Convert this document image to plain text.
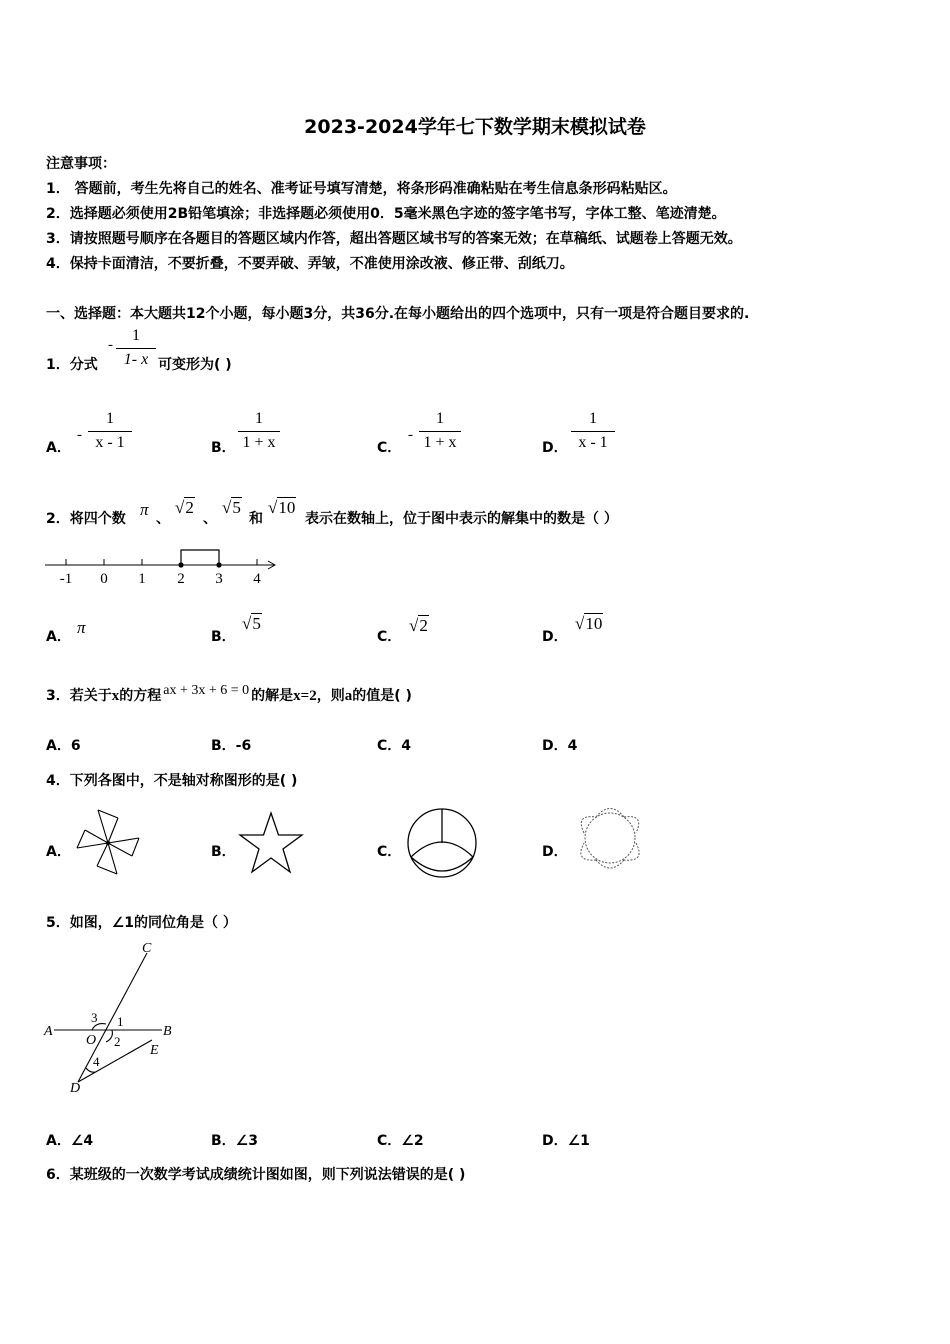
2023-2024学年七下数学期末模拟试卷
注意事项：
1． 答题前，考生先将自己的姓名、准考证号填写清楚，将条形码准确粘贴在考生信息条形码粘贴区。
2．选择题必须使用2B铅笔填涂；非选择题必须使用0．5毫米黑色字迹的签字笔书写，字体工整、笔迹清楚。
3．请按照题号顺序在各题目的答题区域内作答，超出答题区域书写的答案无效；在草稿纸、试题卷上答题无效。
4．保持卡面清洁，不要折叠，不要弄破、弄皱，不准使用涂改液、修正带、刮纸刀。
一、选择题：本大题共12个小题，每小题3分，共36分.在每小题给出的四个选项中，只有一项是符合题目要求的.
1．分式
-
1
1- x 可变形为( )
A．
-
1
x - 1	B．
1
1 + x	C．
-
1
1 + x	D．
1
x - 1
2．将四个数 π 、
√2
、
√5
和
√10
表示在数轴上，位于图中表示的解集中的数是（ ）
-1 0 1 2 3 4
A． π	B．
√5
C．
√2
D．
√10
3．若关于x的方程 ax + 3x + 6 = 0 的解是x=2，则a的值是( )
A．6	B．-6	C．4	D．4
4．下列各图中，不是轴对称图形的是( )
A．	B．	C．	D．
5．如图，∠1的同位角是（ ）
C
A	B
O
E
D
1
2
3
4
A．∠4	B．∠3	C．∠2	D．∠1
6．某班级的一次数学考试成绩统计图如图，则下列说法错误的是( )
